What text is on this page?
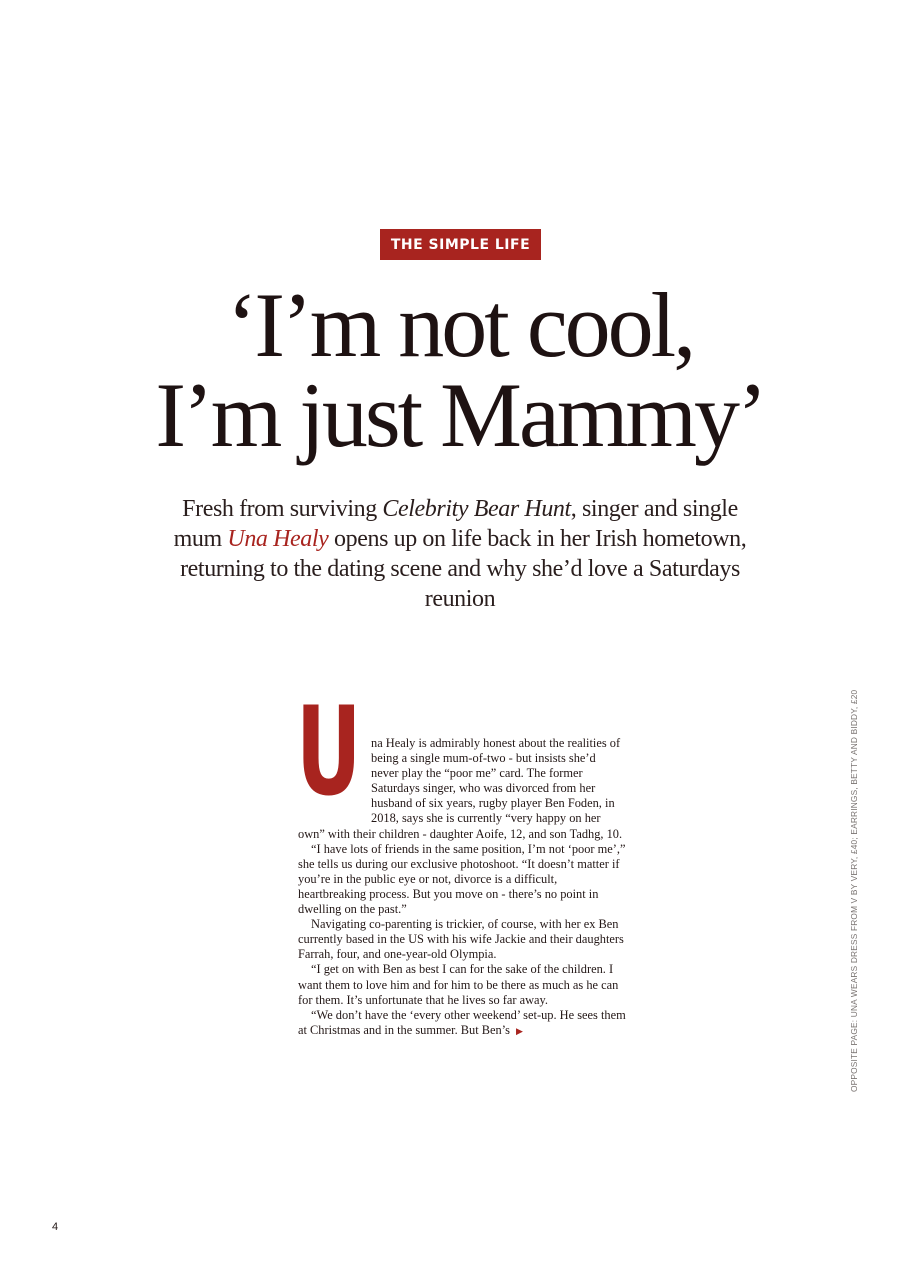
THE SIMPLE LIFE
‘I’m not cool,
I’m just Mammy’

Fresh from surviving Celebrity Bear Hunt, singer and single mum Una Healy opens up on life back in her Irish hometown, returning to the dating scene and why she’d love a Saturdays reunion

U na Healy is admirably honest about the realities of being a single mum-of-two - but insists she’d never play the “poor me” card. The former Saturdays singer, who was divorced from her husband of six years, rugby player Ben Foden, in 2018, says she is currently “very happy on her own” with their children - daughter Aoife, 12, and son Tadhg, 10.

“I have lots of friends in the same position, I’m not ‘poor me’,” she tells us during our exclusive photoshoot. “It doesn’t matter if you’re in the public eye or not, divorce is a difficult, heartbreaking process. But you move on - there’s no point in dwelling on the past.”

Navigating co-parenting is trickier, of course, with her ex Ben currently based in the US with his wife Jackie and their daughters Farrah, four, and one-year-old Olympia.

“I get on with Ben as best I can for the sake of the children. I want them to love him and for him to be there as much as he can for them. It’s unfortunate that he lives so far away.

“We don’t have the ‘every other weekend’ set-up. He sees them at Christmas and in the summer. But Ben’s ▶	OPPOSITE PAGE: UNA WEARS DRESS FROM V BY VERY, £40; EARRINGS, BETTY AND BIDDY, £20
4
